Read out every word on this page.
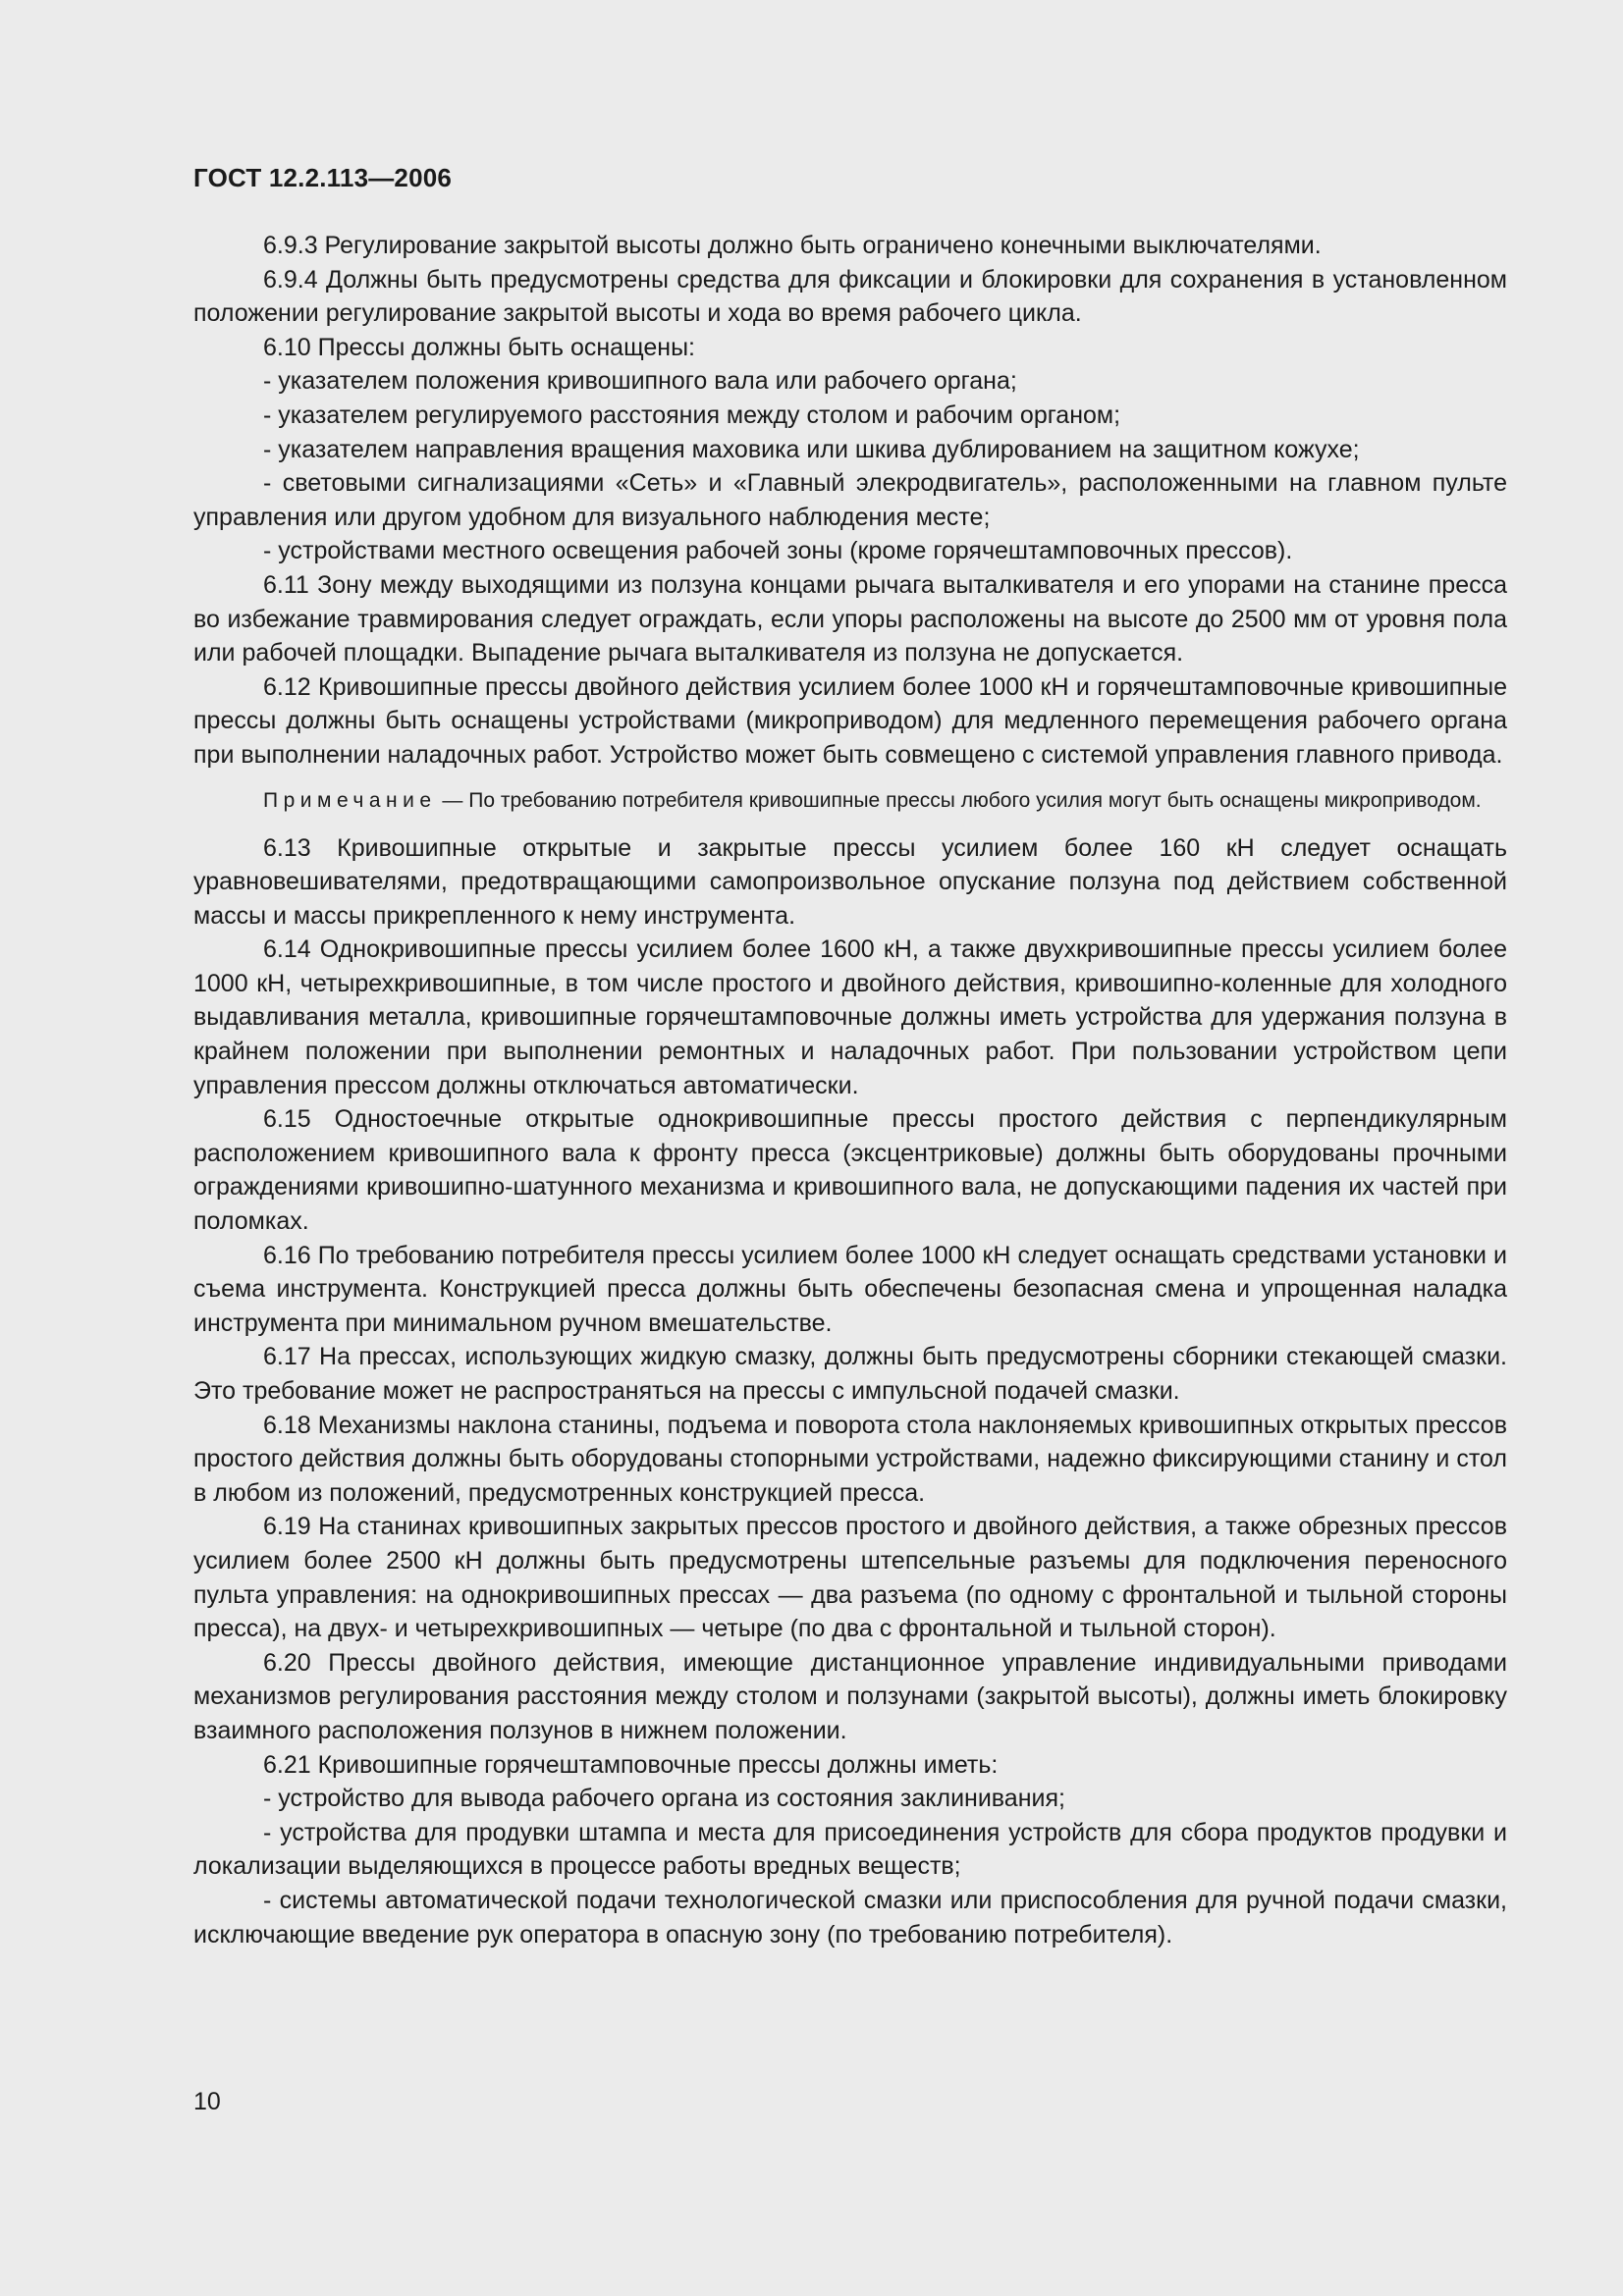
ГОСТ 12.2.113—2006

6.9.3 Регулирование закрытой высоты должно быть ограничено конечными выключателями.

6.9.4 Должны быть предусмотрены средства для фиксации и блокировки для сохранения в установленном положении регулирование закрытой высоты и хода во время рабочего цикла.

6.10 Прессы должны быть оснащены:

- указателем положения кривошипного вала или рабочего органа;

- указателем регулируемого расстояния между столом и рабочим органом;

- указателем направления вращения маховика или шкива дублированием на защитном кожухе;

- световыми сигнализациями «Сеть» и «Главный элекродвигатель», расположенными на главном пульте управления или другом удобном для визуального наблюдения месте;

- устройствами местного освещения рабочей зоны (кроме горячештамповочных прессов).

6.11 Зону между выходящими из ползуна концами рычага выталкивателя и его упорами на станине пресса во избежание травмирования следует ограждать, если упоры расположены на высоте до 2500 мм от уровня пола или рабочей площадки. Выпадение рычага выталкивателя из ползуна не допускается.

6.12 Кривошипные прессы двойного действия усилием более 1000 кН и горячештамповочные кривошипные прессы должны быть оснащены устройствами (микроприводом) для медленного перемещения рабочего органа при выполнении наладочных работ. Устройство может быть совмещено с системой управления главного привода.

Примечание — По требованию потребителя кривошипные прессы любого усилия могут быть оснащены микроприводом.

6.13 Кривошипные открытые и закрытые прессы усилием более 160 кН следует оснащать уравновешивателями, предотвращающими самопроизвольное опускание ползуна под действием собственной массы и массы прикрепленного к нему инструмента.

6.14 Однокривошипные прессы усилием более 1600 кН, а также двухкривошипные прессы усилием более 1000 кН, четырехкривошипные, в том числе простого и двойного действия, кривошипно-коленные для холодного выдавливания металла, кривошипные горячештамповочные должны иметь устройства для удержания ползуна в крайнем положении при выполнении ремонтных и наладочных работ. При пользовании устройством цепи управления прессом должны отключаться автоматически.

6.15 Одностоечные открытые однокривошипные прессы простого действия с перпендикулярным расположением кривошипного вала к фронту пресса (эксцентриковые) должны быть оборудованы прочными ограждениями кривошипно-шатунного механизма и кривошипного вала, не допускающими падения их частей при поломках.

6.16 По требованию потребителя прессы усилием более 1000 кН следует оснащать средствами установки и съема инструмента. Конструкцией пресса должны быть обеспечены безопасная смена и упрощенная наладка инструмента при минимальном ручном вмешательстве.

6.17 На прессах, использующих жидкую смазку, должны быть предусмотрены сборники стекающей смазки. Это требование может не распространяться на прессы с импульсной подачей смазки.

6.18 Механизмы наклона станины, подъема и поворота стола наклоняемых кривошипных открытых прессов простого действия должны быть оборудованы стопорными устройствами, надежно фиксирующими станину и стол в любом из положений, предусмотренных конструкцией пресса.

6.19 На станинах кривошипных закрытых прессов простого и двойного действия, а также обрезных прессов усилием более 2500 кН должны быть предусмотрены штепсельные разъемы для подключения переносного пульта управления: на однокривошипных прессах — два разъема (по одному с фронтальной и тыльной стороны пресса), на двух- и четырехкривошипных — четыре (по два с фронтальной и тыльной сторон).

6.20 Прессы двойного действия, имеющие дистанционное управление индивидуальными приводами механизмов регулирования расстояния между столом и ползунами (закрытой высоты), должны иметь блокировку взаимного расположения ползунов в нижнем положении.

6.21 Кривошипные горячештамповочные прессы должны иметь:

- устройство для вывода рабочего органа из состояния заклинивания;

- устройства для продувки штампа и места для присоединения устройств для сбора продуктов продувки и локализации выделяющихся в процессе работы вредных веществ;

- системы автоматической подачи технологической смазки или приспособления для ручной подачи смазки, исключающие введение рук оператора в опасную зону (по требованию потребителя).

10
